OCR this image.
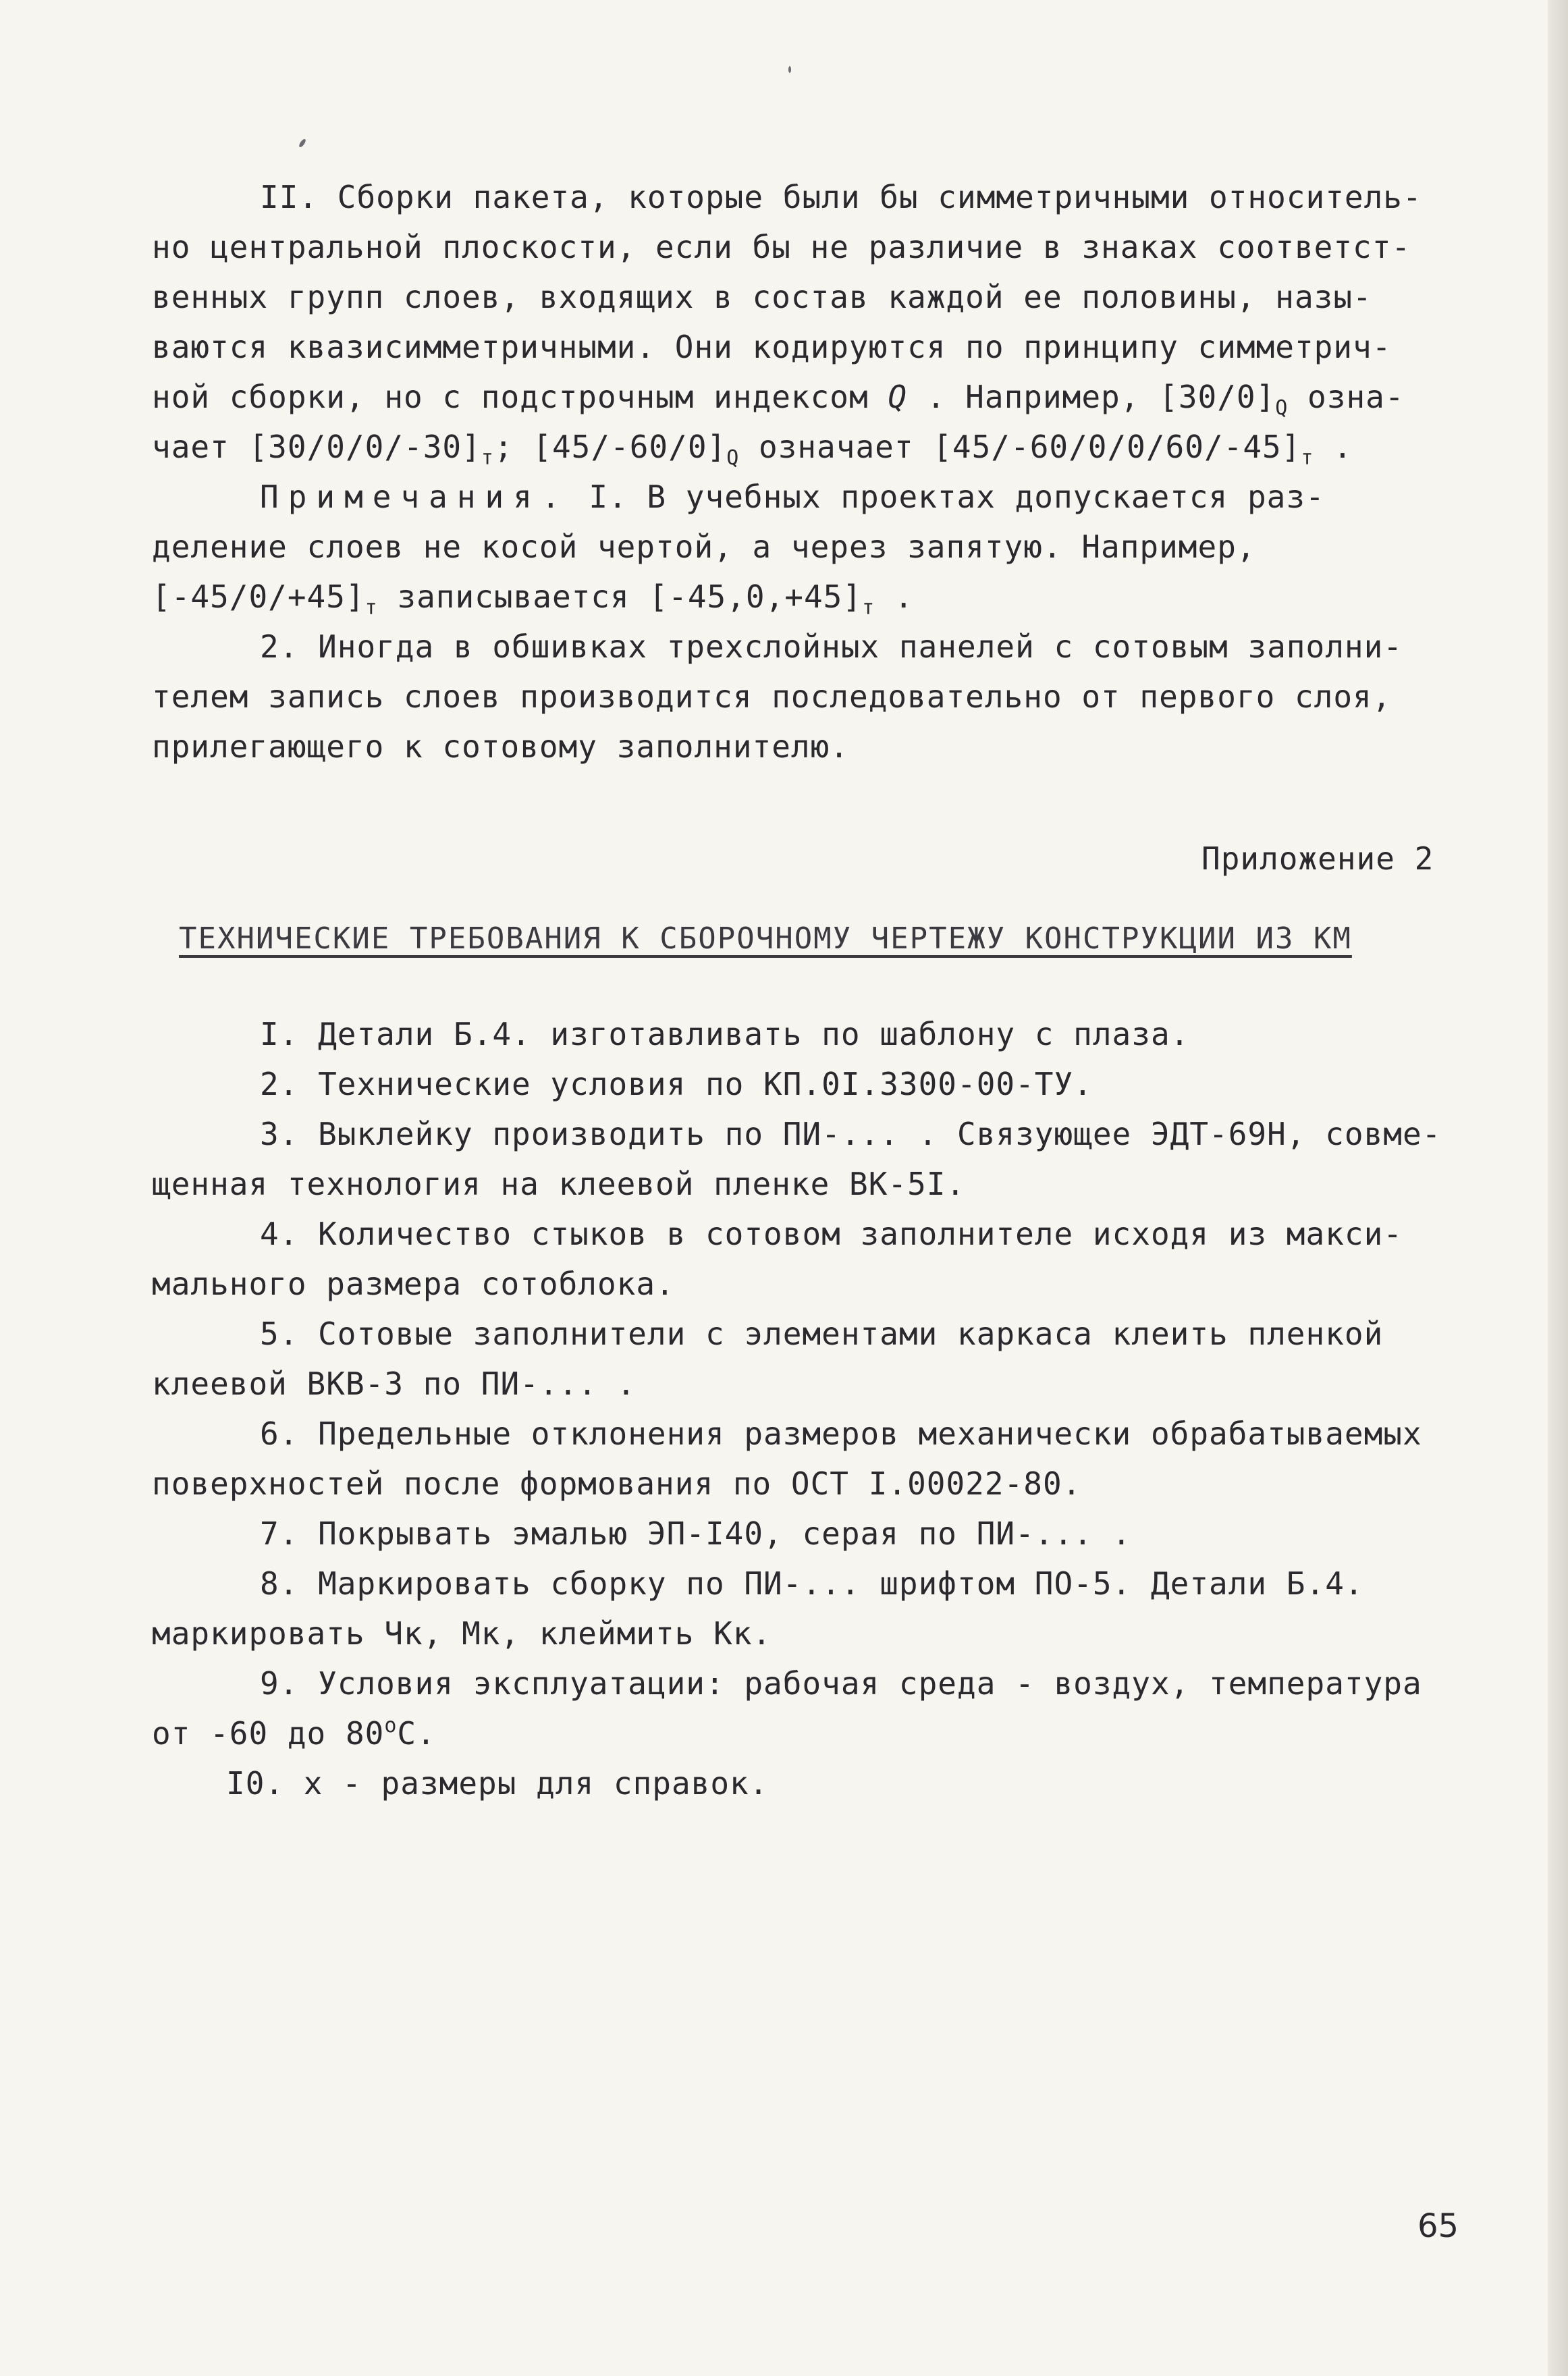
II. Сборки пакета, которые были бы симметричными относитель-

но центральной плоскости, если бы не различие в знаках соответст-
венных групп слоев, входящих в состав каждой ее половины, назы-
ваются квазисимметричными. Они кодируются по принципу симметрич-
ной сборки, но с подстрочным индексом Q . Например, $[30/0]_Q$ озна-
чает $[30/0/0/-30]_т$; $[45/-60/0]_Q$ означает $[45/-60/0/0/60/-45]_т$ .
Примечания. I. В учебных проектах допускается раз-
деление слоев не косой чертой, а через запятую. Например,
$[-45/0/+45]_т$ записывается $[-45,0,+45]_т$ .
2. Иногда в обшивках трехслойных панелей с сотовым заполни-
телем запись слоев производится последовательно от первого слоя,
прилегающего к сотовому заполнителю.
Приложение 2
ТЕХНИЧЕСКИЕ ТРЕБОВАНИЯ К СБОРОЧНОМУ ЧЕРТЕЖУ КОНСТРУКЦИИ ИЗ КМ

I. Детали Б.4. изготавливать по шаблону с плаза.

2. Технические условия по КП.0I.3300-00-ТУ.

3. Выклейку производить по ПИ-... . Связующее ЭДТ-69Н, совме-
щенная технология на клеевой пленке ВК-5I.

4. Количество стыков в сотовом заполнителе исходя из макси-
мального размера сотоблока.

5. Сотовые заполнители с элементами каркаса клеить пленкой
клеевой ВКВ-3 по ПИ-... .

6. Предельные отклонения размеров механически обрабатываемых
поверхностей после формования по ОСТ I.00022-80.

7. Покрывать эмалью ЭП-I40, серая по ПИ-... .

8. Маркировать сборку по ПИ-... шрифтом ПО-5. Детали Б.4.
маркировать Чк, Мк, клеймить Кк.

9. Условия эксплуатации: рабочая среда - воздух, температура
от -60 до $80^оС$.

I0. х - размеры для справок.

65
